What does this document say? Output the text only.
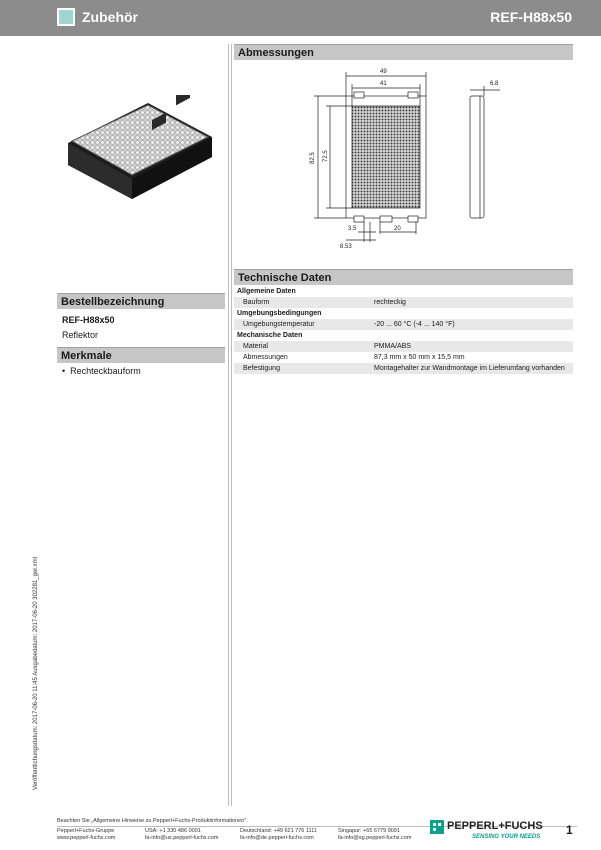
Zubehör	REF-H88x50
Abmessungen
49
41	6.8
82.5 72.5
3.5	20
8.53
Technische Daten
Allgemeine Daten
Bauform	rechteckig
Umgebungsbedingungen
Umgebungstemperatur	-20 ... 60 °C (-4 ... 140 °F)
Mechanische Daten
Material	PMMA/ABS
Abmessungen	87,3 mm x 50 mm x 15,5 mm
Befestigung	Montagehalter zur Wandmontage im Lieferumfang vorhanden
Bestellbezeichnung
REF-H88x50
Reflektor
Merkmale
•  Rechteckbauform
Veröffentlichungsdatum: 2017-06-20 11:45 Ausgabedatum: 2017-06-20 302281_ger.xml
Beachten Sie „Allgemeine Hinweise zu Pepperl+Fuchs-Produktinformationen".
Pepperl+Fuchs-Gruppe
www.pepperl-fuchs.com
USA: +1 330 486 0001
fa-info@us.pepperl-fuchs.com
Deutschland: +49 621 776 1111
fa-info@de.pepperl-fuchs.com
Singapur: +65 6779 9091
fa-info@sg.pepperl-fuchs.com
PEPPERL+FUCHS
SENSING YOUR NEEDS 1
